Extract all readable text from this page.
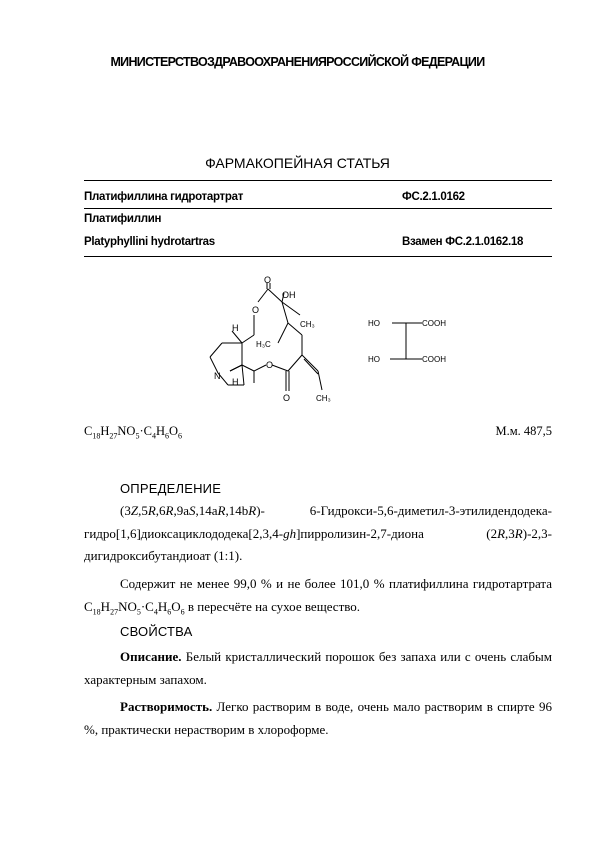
МИНИСТЕРСТВОЗДРАВООХРАНЕНИЯРОССИЙСКОЙ ФЕДЕРАЦИИ
ФАРМАКОПЕЙНАЯ СТАТЬЯ
Платифиллина гидротартрат	ФС.2.1.0162
Платифиллин
Platyphyllini hydrotartras	Взамен ФС.2.1.0162.18
O
OH
CH₃
O
H
H₃C
N
H
O
O	CH₃
HO	COOH
HO	COOH
$C_{18}H_{27}NO_5\cdot C_4H_6O_6$	М.м. 487,5
ОПРЕДЕЛЕНИЕ
(3Z,5R,6R,9aS,14aR,14bR)- 6-Гидрокси-5,6-диметил-3-этилидендодека-гидро[1,6]диоксациклододека[2,3,4-gh]пирролизин-2,7-диона (2R,3R)-2,3-дигидроксибутандиоат (1:1).
Содержит не менее 99,0 % и не более 101,0 % платифиллина гидротартрата $C_{18}H_{27}NO_5\cdot C_4H_6O_6$ в пересчёте на сухое вещество.
СВОЙСТВА
Описание. Белый кристаллический порошок без запаха или с очень слабым характерным запахом.
Растворимость. Легко растворим в воде, очень мало растворим в спирте 96 %, практически нерастворим в хлороформе.
